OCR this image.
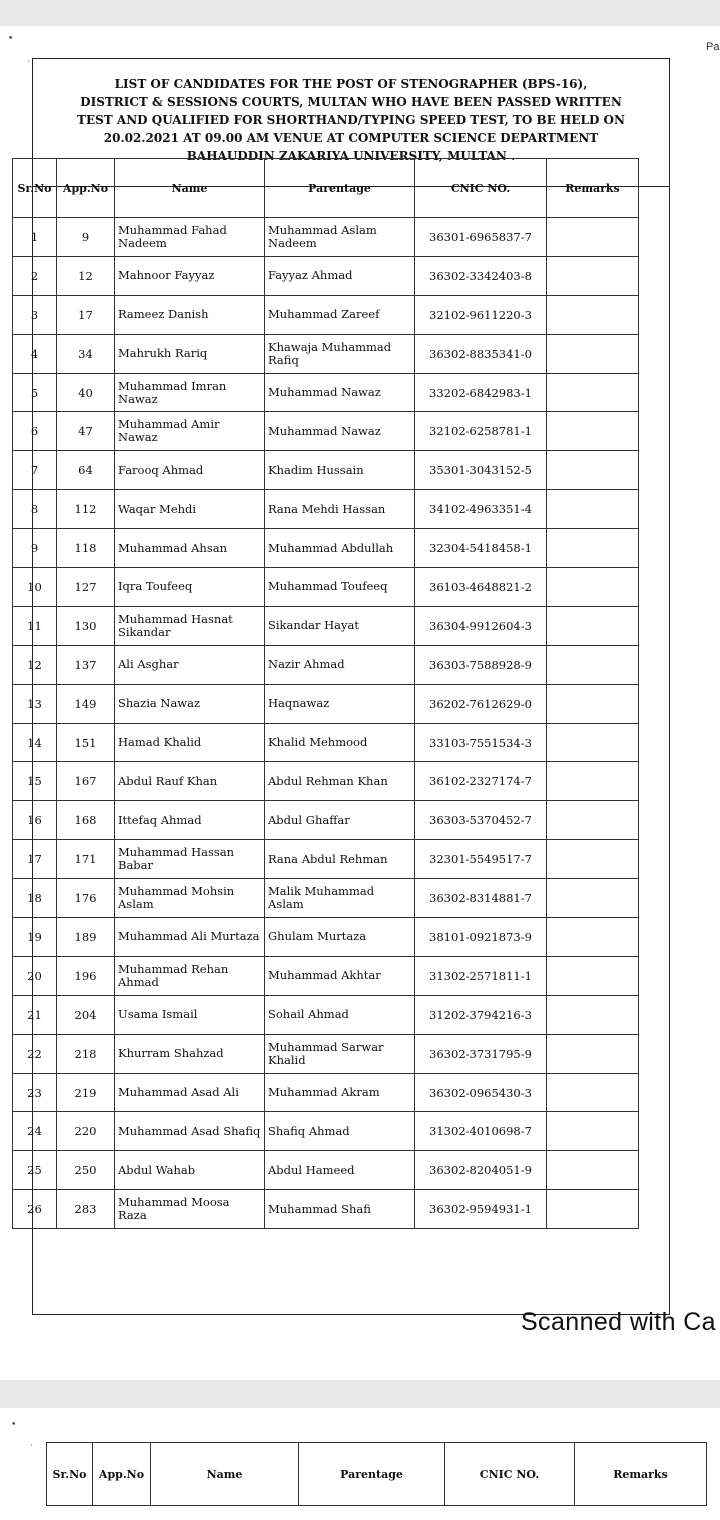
Pa
•
ˎ
LIST OF CANDIDATES FOR THE POST OF STENOGRAPHER (BPS-16),
DISTRICT & SESSIONS COURTS, MULTAN WHO HAVE BEEN PASSED WRITTEN
TEST AND QUALIFIED FOR SHORTHAND/TYPING SPEED TEST, TO BE HELD ON
20.02.2021 AT 09.00 AM VENUE AT COMPUTER SCIENCE DEPARTMENT
BAHAUDDIN ZAKARIYA UNIVERSITY, MULTAN .
Sr.No	App.No	Name	Parentage	CNIC NO.	Remarks
1	9	Muhammad Fahad Nadeem	Muhammad Aslam Nadeem	36301-6965837-7	
2	12	Mahnoor Fayyaz	Fayyaz Ahmad	36302-3342403-8	
3	17	Rameez Danish	Muhammad Zareef	32102-9611220-3	
4	34	Mahrukh Rariq	Khawaja Muhammad Rafiq	36302-8835341-0	
5	40	Muhammad Imran Nawaz	Muhammad Nawaz	33202-6842983-1	
6	47	Muhammad Amir Nawaz	Muhammad Nawaz	32102-6258781-1	
7	64	Farooq Ahmad	Khadim Hussain	35301-3043152-5	
8	112	Waqar Mehdi	Rana Mehdi Hassan	34102-4963351-4	
9	118	Muhammad Ahsan	Muhammad Abdullah	32304-5418458-1	
10	127	Iqra Toufeeq	Muhammad Toufeeq	36103-4648821-2	
11	130	Muhammad Hasnat Sikandar	Sikandar Hayat	36304-9912604-3	
12	137	Ali Asghar	Nazir Ahmad	36303-7588928-9	
13	149	Shazia Nawaz	Haqnawaz	36202-7612629-0	
14	151	Hamad Khalid	Khalid Mehmood	33103-7551534-3	
15	167	Abdul Rauf Khan	Abdul Rehman Khan	36102-2327174-7	
16	168	Ittefaq Ahmad	Abdul Ghaffar	36303-5370452-7	
17	171	Muhammad Hassan Babar	Rana Abdul Rehman	32301-5549517-7	
18	176	Muhammad Mohsin Aslam	Malik Muhammad Aslam	36302-8314881-7	
19	189	Muhammad Ali Murtaza	Ghulam Murtaza	38101-0921873-9	
20	196	Muhammad Rehan Ahmad	Muhammad Akhtar	31302-2571811-1	
21	204	Usama Ismail	Sohail Ahmad	31202-3794216-3	
22	218	Khurram Shahzad	Muhammad Sarwar Khalid	36302-3731795-9	
23	219	Muhammad Asad Ali	Muhammad Akram	36302-0965430-3	
24	220	Muhammad Asad Shafiq	Shafiq Ahmad	31302-4010698-7	
25	250	Abdul Wahab	Abdul Hameed	36302-8204051-9	
26	283	Muhammad Moosa Raza	Muhammad Shafi	36302-9594931-1	
Scanned with Ca
•
ˎ
Sr.No	App.No	Name	Parentage	CNIC NO.	Remarks
